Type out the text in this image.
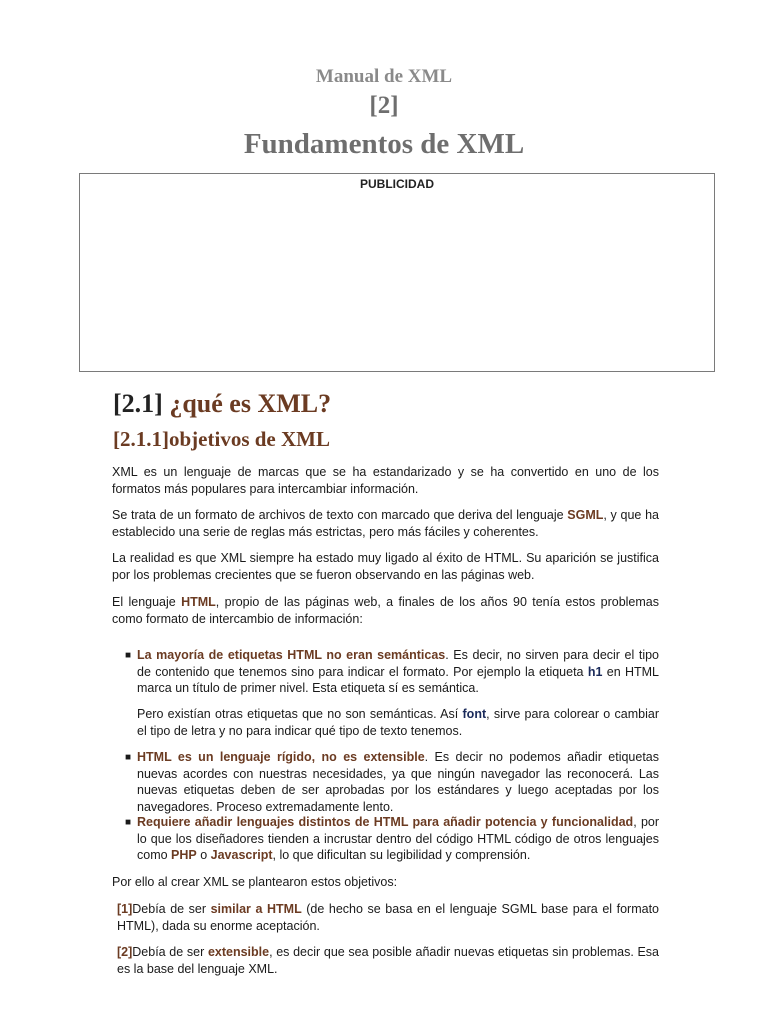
Manual de XML
[2]
Fundamentos de XML
PUBLICIDAD
[2.1] ¿qué es XML?
[2.1.1]objetivos de XML
XML es un lenguaje de marcas que se ha estandarizado y se ha convertido en uno de los formatos más populares para intercambiar información.
Se trata de un formato de archivos de texto con marcado que deriva del lenguaje SGML, y que ha establecido una serie de reglas más estrictas, pero más fáciles y coherentes.
La realidad es que XML siempre ha estado muy ligado al éxito de HTML. Su aparición se justifica por los problemas crecientes que se fueron observando en las páginas web.
El lenguaje HTML, propio de las páginas web, a finales de los años 90 tenía estos problemas como formato de intercambio de información:
■ La mayoría de etiquetas HTML no eran semánticas. Es decir, no sirven para decir el tipo de contenido que tenemos sino para indicar el formato. Por ejemplo la etiqueta h1 en HTML marca un título de primer nivel. Esta etiqueta sí es semántica.
Pero existían otras etiquetas que no son semánticas. Así font, sirve para colorear o cambiar el tipo de letra y no para indicar qué tipo de texto tenemos.
■ HTML es un lenguaje rígido, no es extensible. Es decir no podemos añadir etiquetas nuevas acordes con nuestras necesidades, ya que ningún navegador las reconocerá. Las nuevas etiquetas deben de ser aprobadas por los estándares y luego aceptadas por los navegadores. Proceso extremadamente lento.
■ Requiere añadir lenguajes distintos de HTML para añadir potencia y funcionalidad, por lo que los diseñadores tienden a incrustar dentro del código HTML código de otros lenguajes como PHP o Javascript, lo que dificultan su legibilidad y comprensión.
Por ello al crear XML se plantearon estos objetivos:
[1]Debía de ser similar a HTML (de hecho se basa en el lenguaje SGML base para el formato HTML), dada su enorme aceptación.
[2]Debía de ser extensible, es decir que sea posible añadir nuevas etiquetas sin problemas. Esa es la base del lenguaje XML.
